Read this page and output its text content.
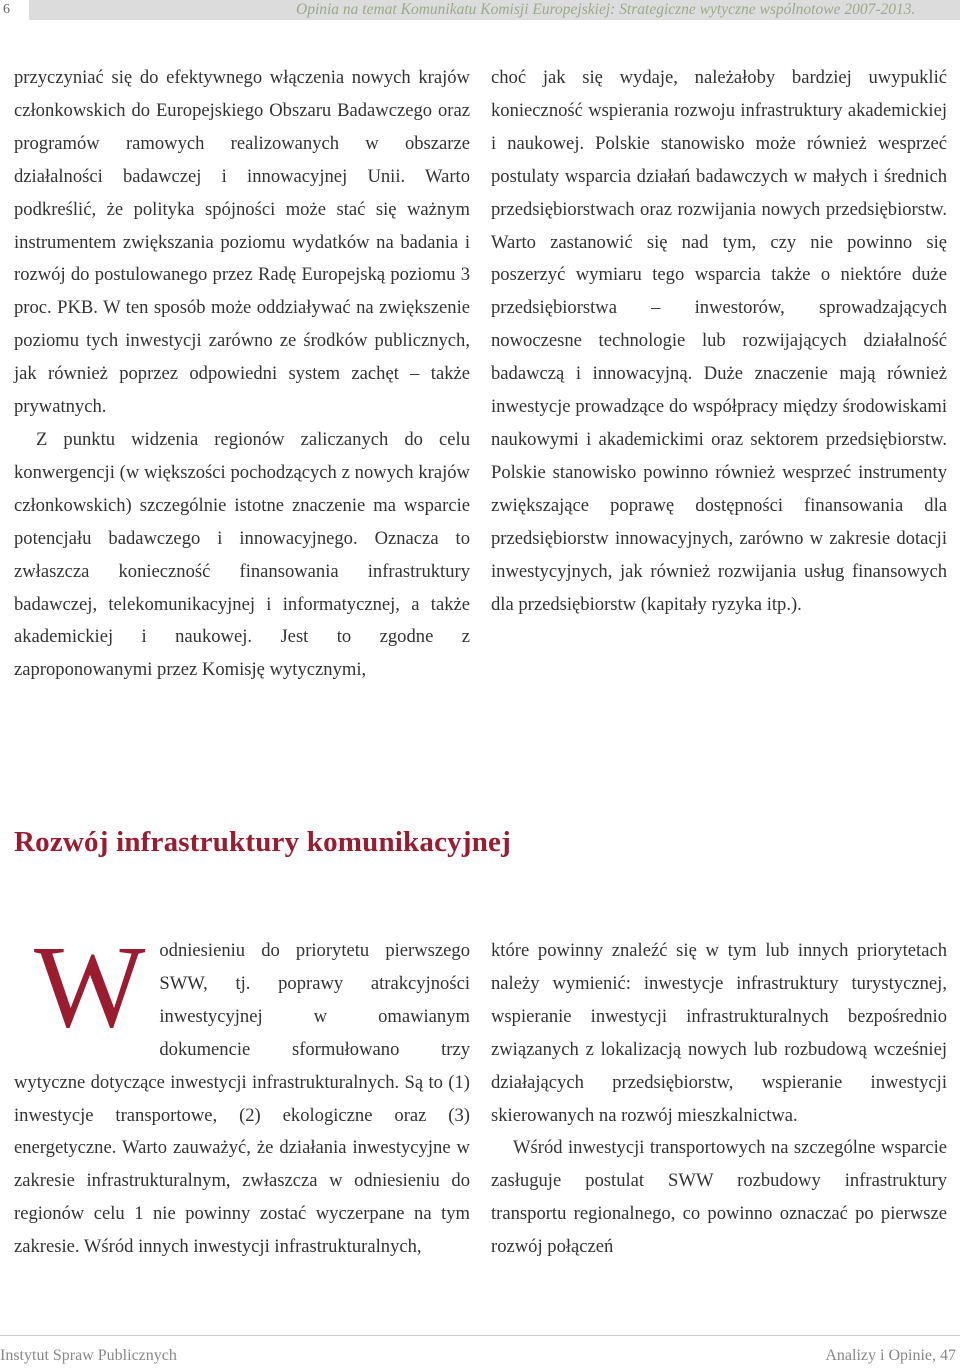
6	Opinia na temat Komunikatu Komisji Europejskiej: Strategiczne wytyczne wspólnotowe 2007-2013.

przyczyniać się do efektywnego włączenia nowych krajów członkowskich do Europejskiego Obszaru Badawczego oraz programów ramowych realizowanych w obszarze działalności badawczej i innowacyjnej Unii. Warto podkreślić, że polityka spójności może stać się ważnym instrumentem zwiększania poziomu wydatków na badania i rozwój do postulowanego przez Radę Europejską poziomu 3 proc. PKB. W ten sposób może oddziaływać na zwiększenie poziomu tych inwestycji zarówno ze środków publicznych, jak również poprzez odpowiedni system zachęt – także prywatnych.

Z punktu widzenia regionów zaliczanych do celu konwergencji (w większości pochodzących z nowych krajów członkowskich) szczególnie istotne znaczenie ma wsparcie potencjału badawczego i innowacyjnego. Oznacza to zwłaszcza konieczność finansowania infrastruktury badawczej, telekomunikacyjnej i informatycznej, a także akademickiej i naukowej. Jest to zgodne z zaproponowanymi przez Komisję wytycznymi,

choć jak się wydaje, należałoby bardziej uwypuklić konieczność wspierania rozwoju infrastruktury akademickiej i naukowej. Polskie stanowisko może również wesprzeć postulaty wsparcia działań badawczych w małych i średnich przedsiębiorstwach oraz rozwijania nowych przedsiębiorstw. Warto zastanowić się nad tym, czy nie powinno się poszerzyć wymiaru tego wsparcia także o niektóre duże przedsiębiorstwa – inwestorów, sprowadzających nowoczesne technologie lub rozwijających działalność badawczą i innowacyjną. Duże znaczenie mają również inwestycje prowadzące do współpracy między środowiskami naukowymi i akademickimi oraz sektorem przedsiębiorstw. Polskie stanowisko powinno również wesprzeć instrumenty zwiększające poprawę dostępności finansowania dla przedsiębiorstw innowacyjnych, zarówno w zakresie dotacji inwestycyjnych, jak również rozwijania usług finansowych dla przedsiębiorstw (kapitały ryzyka itp.).

Rozwój infrastruktury komunikacyjnej

Wodniesieniu do priorytetu pierwszego SWW, tj. poprawy atrakcyjności inwestycyjnej w omawianym dokumencie sformułowano trzy wytyczne dotyczące inwestycji infrastrukturalnych. Są to (1) inwestycje transportowe, (2) ekologiczne oraz (3) energetyczne. Warto zauważyć, że działania inwestycyjne w zakresie infrastrukturalnym, zwłaszcza w odniesieniu do regionów celu 1 nie powinny zostać wyczerpane na tym zakresie. Wśród innych inwestycji infrastrukturalnych,

które powinny znaleźć się w tym lub innych priorytetach należy wymienić: inwestycje infrastruktury turystycznej, wspieranie inwestycji infrastrukturalnych bezpośrednio związanych z lokalizacją nowych lub rozbudową wcześniej działających przedsiębiorstw, wspieranie inwestycji skierowanych na rozwój mieszkalnictwa.

Wśród inwestycji transportowych na szczególne wsparcie zasługuje postulat SWW rozbudowy infrastruktury transportu regionalnego, co powinno oznaczać po pierwsze rozwój połączeń

Instytut Spraw Publicznych	Analizy i Opinie, 47
